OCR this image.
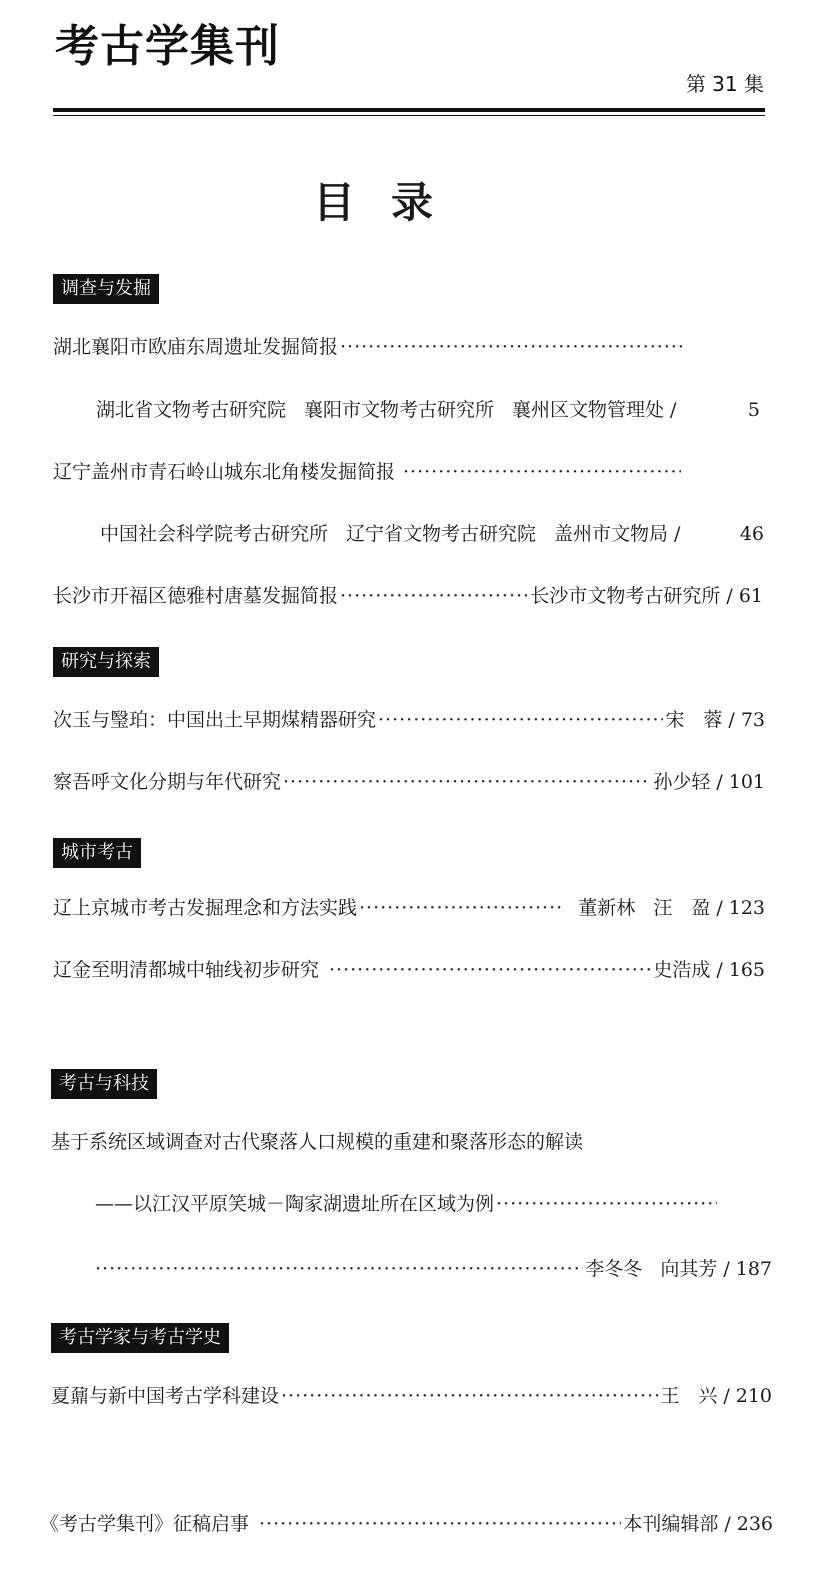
考古学集刊
第 31 集
目录
调查与发掘
湖北襄阳市欧庙东周遗址发掘简报
·····
湖北省文物考古研究院 襄阳市文物考古研究所 襄州区文物管理处 /	5
辽宁盖州市青石岭山城东北角楼发掘简报
·····
中国社会科学院考古研究所 辽宁省文物考古研究院 盖州市文物局 /	46
长沙市开福区德雅村唐墓发掘简报 ·····	长沙市文物考古研究所 / 61
研究与探索
次玉与瑿珀：中国出土早期煤精器研究 ·····	宋　蓉 / 73
察吾呼文化分期与年代研究 ·····	孙少轻 / 101
城市考古
辽上京城市考古发掘理念和方法实践 ·····	董新林 汪　盈 / 123
辽金至明清都城中轴线初步研究 ·····	史浩成 / 165
考古与科技
基于系统区域调查对古代聚落人口规模的重建和聚落形态的解读
——以江汉平原笑城－陶家湖遗址所在区域为例
·····
·····
李冬冬 向其芳 / 187
考古学家与考古学史
夏鼐与新中国考古学科建设 ·····	王　兴 / 210
《考古学集刊》征稿启事 ·····	本刊编辑部 / 236
